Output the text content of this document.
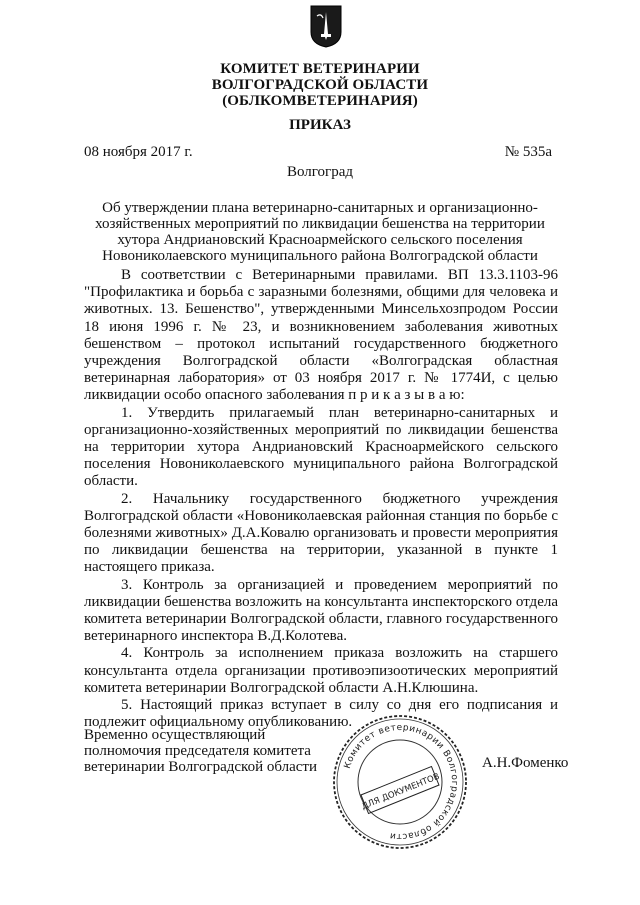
КОМИТЕТ ВЕТЕРИНАРИИ
ВОЛГОГРАДСКОЙ ОБЛАСТИ
(ОБЛКОМВЕТЕРИНАРИЯ)
ПРИКАЗ
08 ноября 2017 г.	№ 535а
Волгоград
Об утверждении плана ветеринарно-санитарных и организационно-
хозяйственных мероприятий по ликвидации бешенства на территории
хутора Андриановский Красноармейского сельского поселения
Новониколаевского муниципального района Волгоградской области

В соответствии с Ветеринарными правилами. ВП 13.3.1103-96 "Профилактика и борьба с заразными болезнями, общими для человека и животных. 13. Бешенство", утвержденными Минсельхозпродом России 18 июня 1996 г. № 23, и возникновением заболевания животных бешенством – протокол испытаний государственного бюджетного учреждения Волгоградской области «Волгоградская областная ветеринарная лаборатория» от 03 ноября 2017 г. № 1774И, с целью ликвидации особо опасного заболевания п р и к а з ы в а ю:

1. Утвердить прилагаемый план ветеринарно-санитарных и организационно-хозяйственных мероприятий по ликвидации бешенства на территории хутора Андриановский Красноармейского сельского поселения Новониколаевского муниципального района Волгоградской области.

2. Начальнику государственного бюджетного учреждения Волгоградской области «Новониколаевская районная станция по борьбе с болезнями животных» Д.А.Ковалю организовать и провести мероприятия по ликвидации бешенства на территории, указанной в пункте 1 настоящего приказа.

3. Контроль за организацией и проведением мероприятий по ликвидации бешенства возложить на консультанта инспекторского отдела комитета ветеринарии Волгоградской области, главного государственного ветеринарного инспектора В.Д.Колотева.

4. Контроль за исполнением приказа возложить на старшего консультанта отдела организации противоэпизоотических мероприятий комитета ветеринарии Волгоградской области А.Н.Клюшина.

5. Настоящий приказ вступает в силу со дня его подписания и подлежит официальному опубликованию.

Временно осуществляющий
полномочия председателя комитета
ветеринарии Волгоградской области	А.Н.Фоменко
Комитет ветеринарии Волгоградской области
ДЛЯ ДОКУМЕНТОВ
